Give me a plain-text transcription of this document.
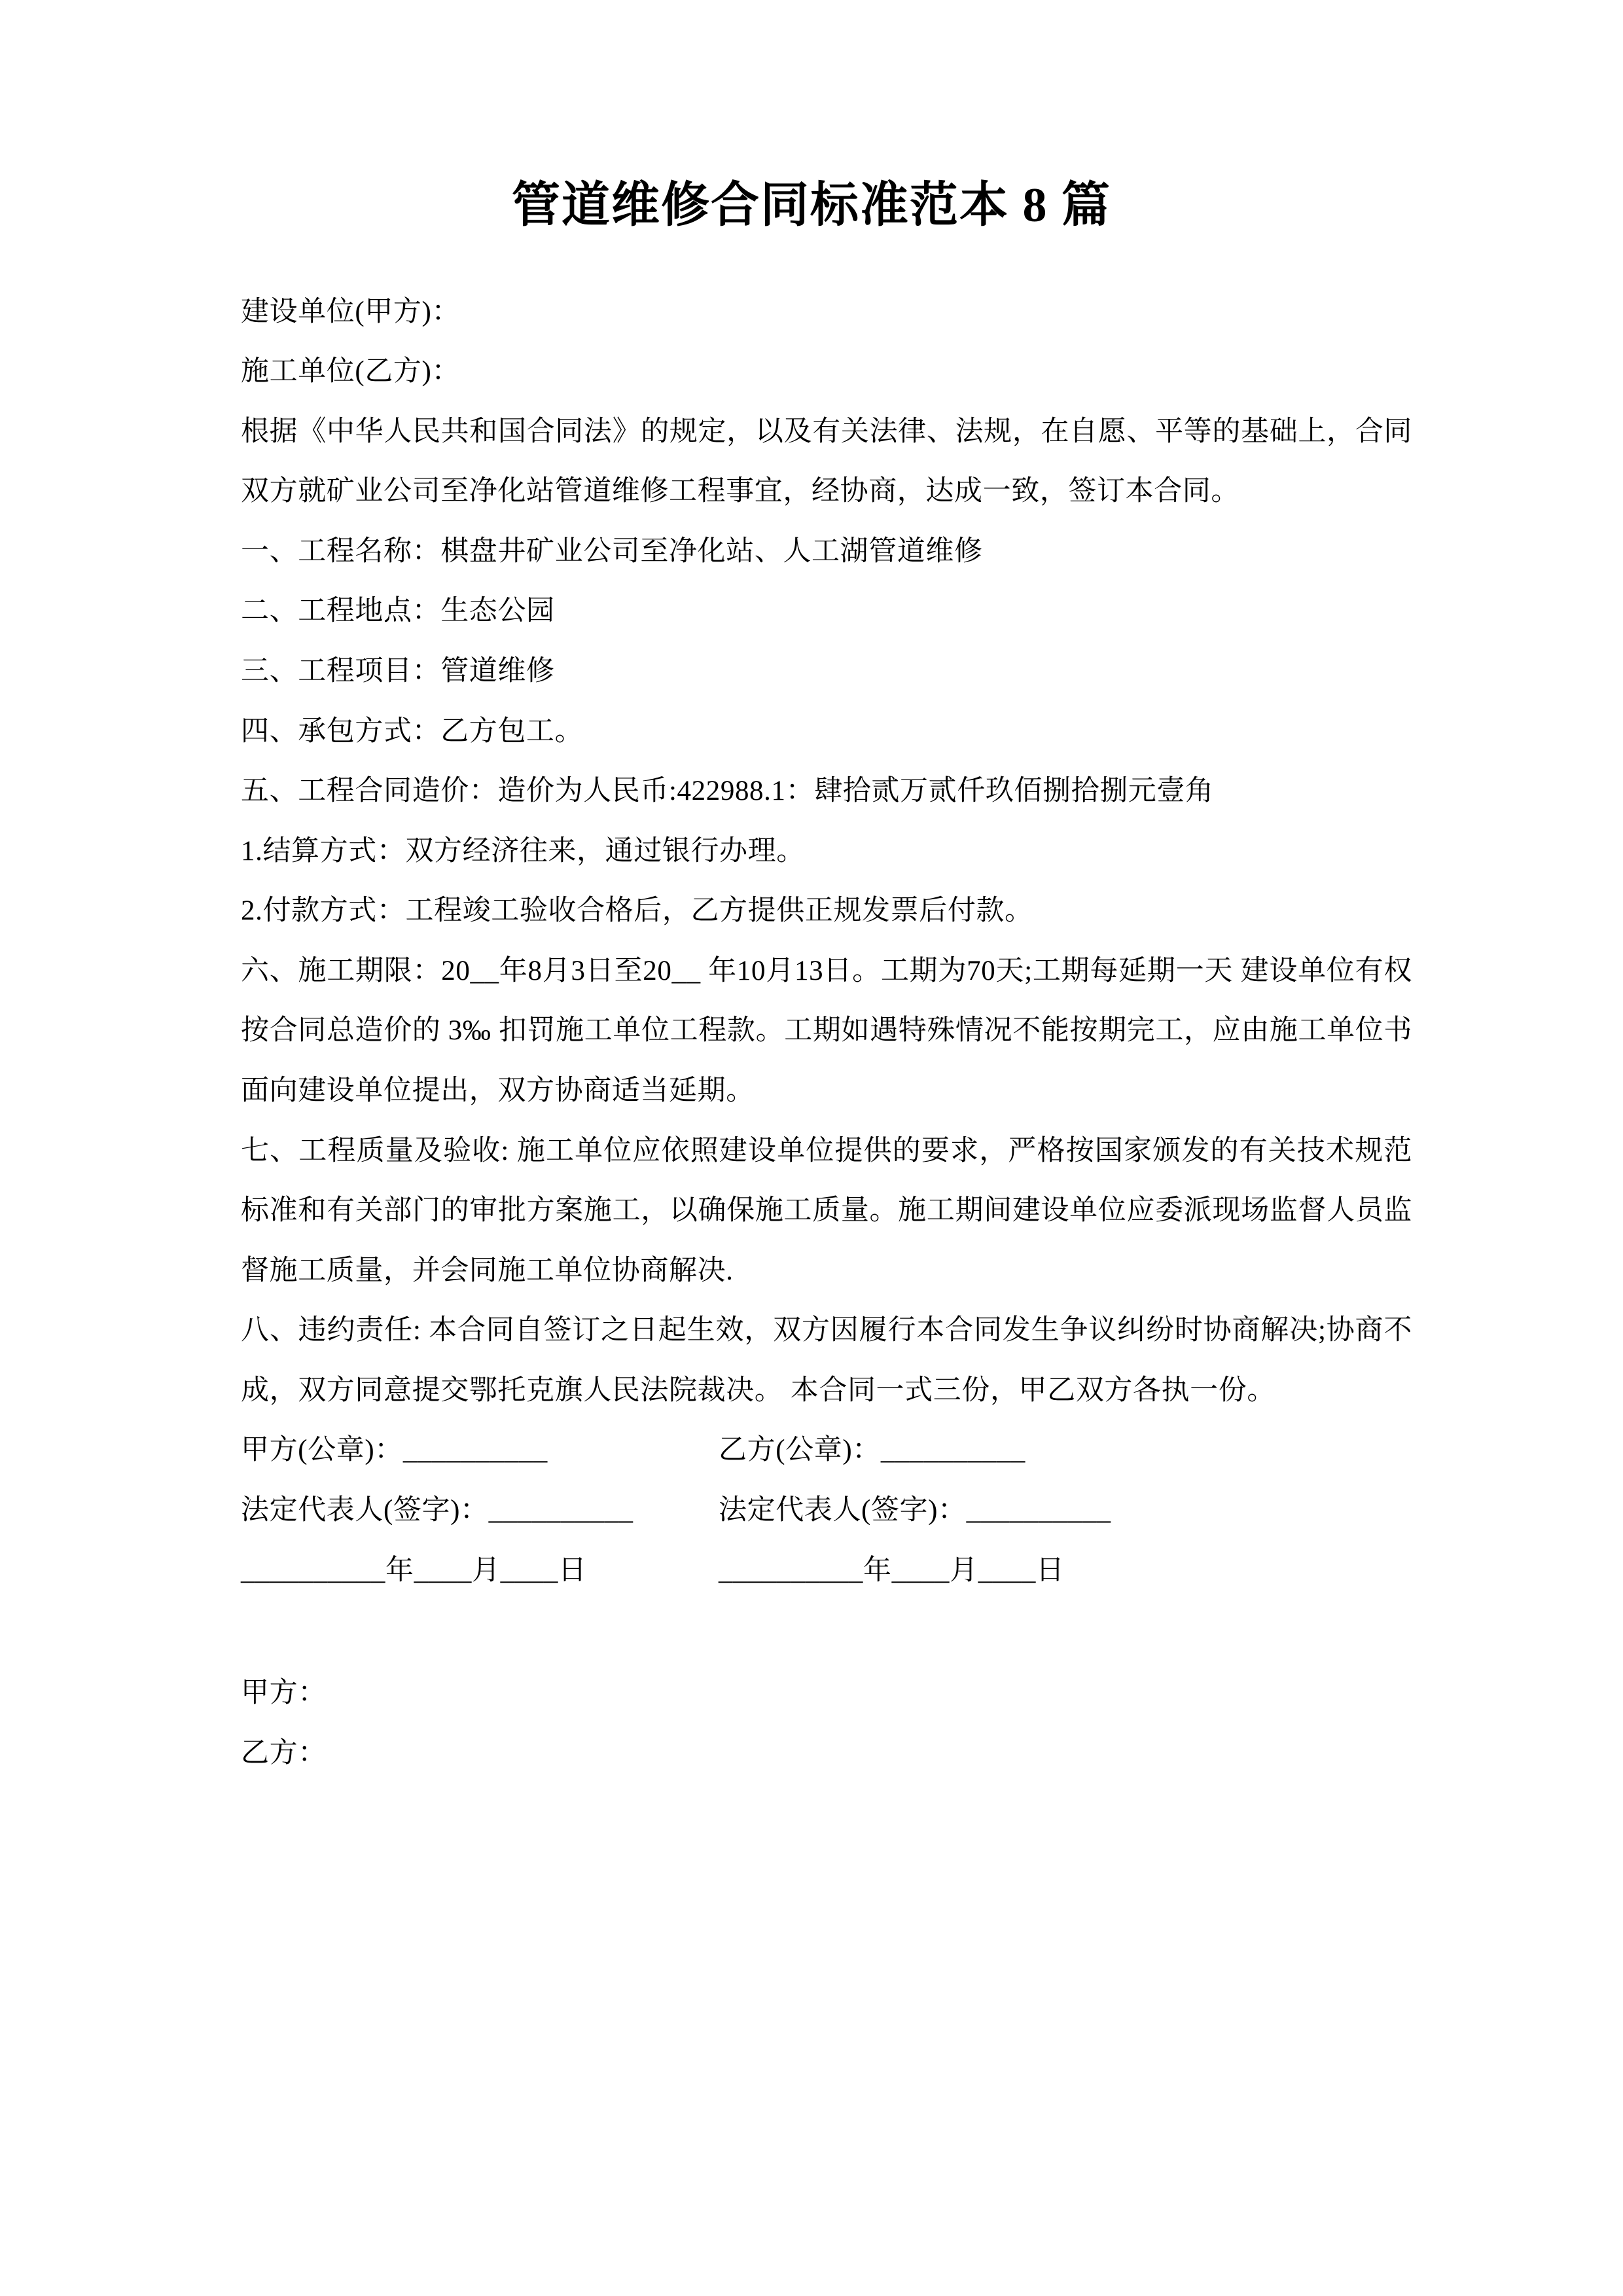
管道维修合同标准范本 8 篇

建设单位(甲方)：

施工单位(乙方)：

根据《中华人民共和国合同法》的规定，以及有关法律、法规，在自愿、平等的基础上，合同双方就矿业公司至净化站管道维修工程事宜，经协商，达成一致，签订本合同。

一、工程名称：棋盘井矿业公司至净化站、人工湖管道维修

二、工程地点：生态公园

三、工程项目：管道维修

四、承包方式：乙方包工。

五、工程合同造价：造价为人民币:422988.1：肆拾贰万贰仟玖佰捌拾捌元壹角

1.结算方式：双方经济往来，通过银行办理。

2.付款方式：工程竣工验收合格后，乙方提供正规发票后付款。

六、施工期限：20__年8月3日至20__ 年10月13日。工期为70天;工期每延期一天 建设单位有权按合同总造价的 3‰ 扣罚施工单位工程款。工期如遇特殊情况不能按期完工，应由施工单位书面向建设单位提出，双方协商适当延期。

七、工程质量及验收: 施工单位应依照建设单位提供的要求，严格按国家颁发的有关技术规范标准和有关部门的审批方案施工，以确保施工质量。施工期间建设单位应委派现场监督人员监督施工质量，并会同施工单位协商解决.

八、违约责任: 本合同自签订之日起生效，双方因履行本合同发生争议纠纷时协商解决;协商不成，双方同意提交鄂托克旗人民法院裁决。 本合同一式三份，甲乙双方各执一份。

甲方(公章)：__________	乙方(公章)：__________
法定代表人(签字)：__________	法定代表人(签字)：__________
__________年____月____日	__________年____月____日

甲方：

乙方：
